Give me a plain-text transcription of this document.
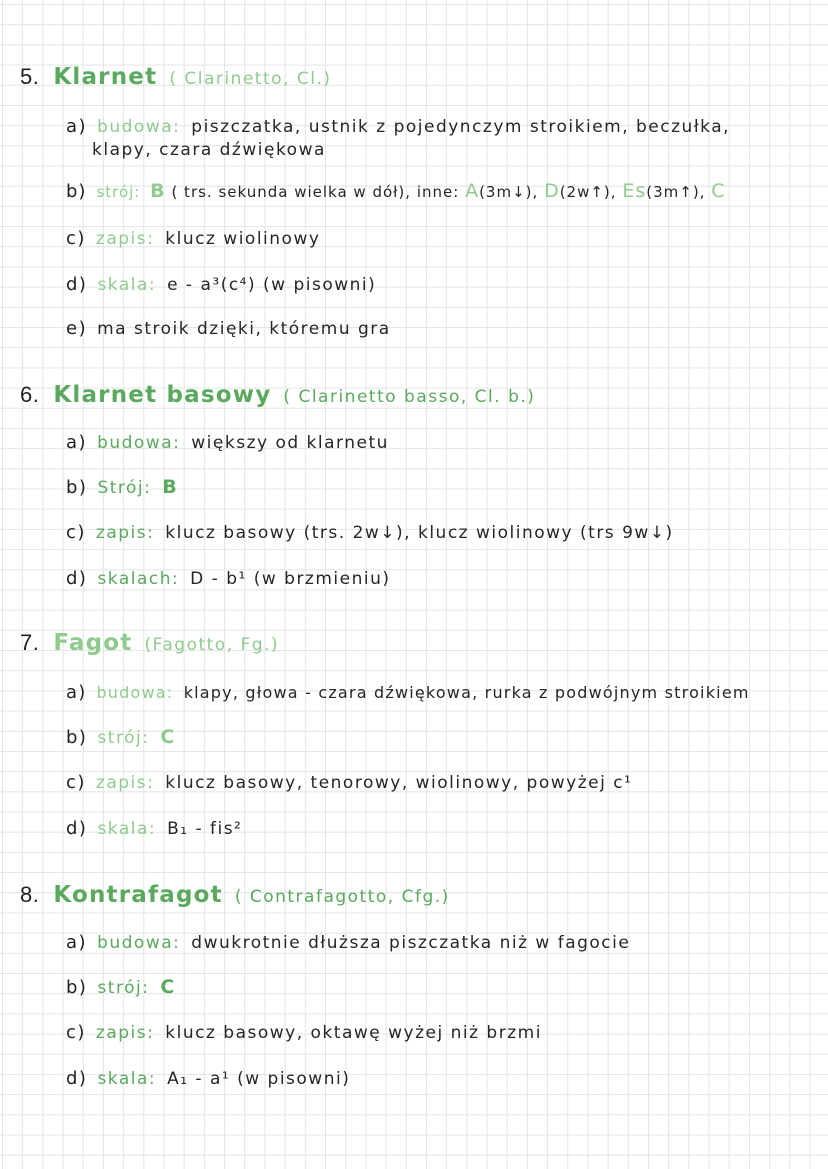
5. Klarnet ( Clarinetto, Cl.)
a) budowa: piszczatka, ustnik z pojedynczym stroikiem, beczułka,
klapy, czara dźwiękowa
b) strój: B ( trs. sekunda wielka w dół), inne: A(3m↓), D(2w↑), Es(3m↑), C
c) zapis: klucz wiolinowy
d) skala: e - a³(c⁴) (w pisowni)
e) ma stroik dzięki, któremu gra
6. Klarnet basowy ( Clarinetto basso, Cl. b.)
a) budowa: większy od klarnetu
b) Strój: B
c) zapis: klucz basowy (trs. 2w↓), klucz wiolinowy (trs 9w↓)
d) skalach: D - b¹ (w brzmieniu)
7. Fagot (Fagotto, Fg.)
a) budowa: klapy, głowa - czara dźwiękowa, rurka z podwójnym stroikiem
b) strój: C
c) zapis: klucz basowy, tenorowy, wiolinowy, powyżej c¹
d) skala: B₁ - fis²
8. Kontrafagot ( Contrafagotto, Cfg.)
a) budowa: dwukrotnie dłuższa piszczatka niż w fagocie
b) strój: C
c) zapis: klucz basowy, oktawę wyżej niż brzmi
d) skala: A₁ - a¹ (w pisowni)
